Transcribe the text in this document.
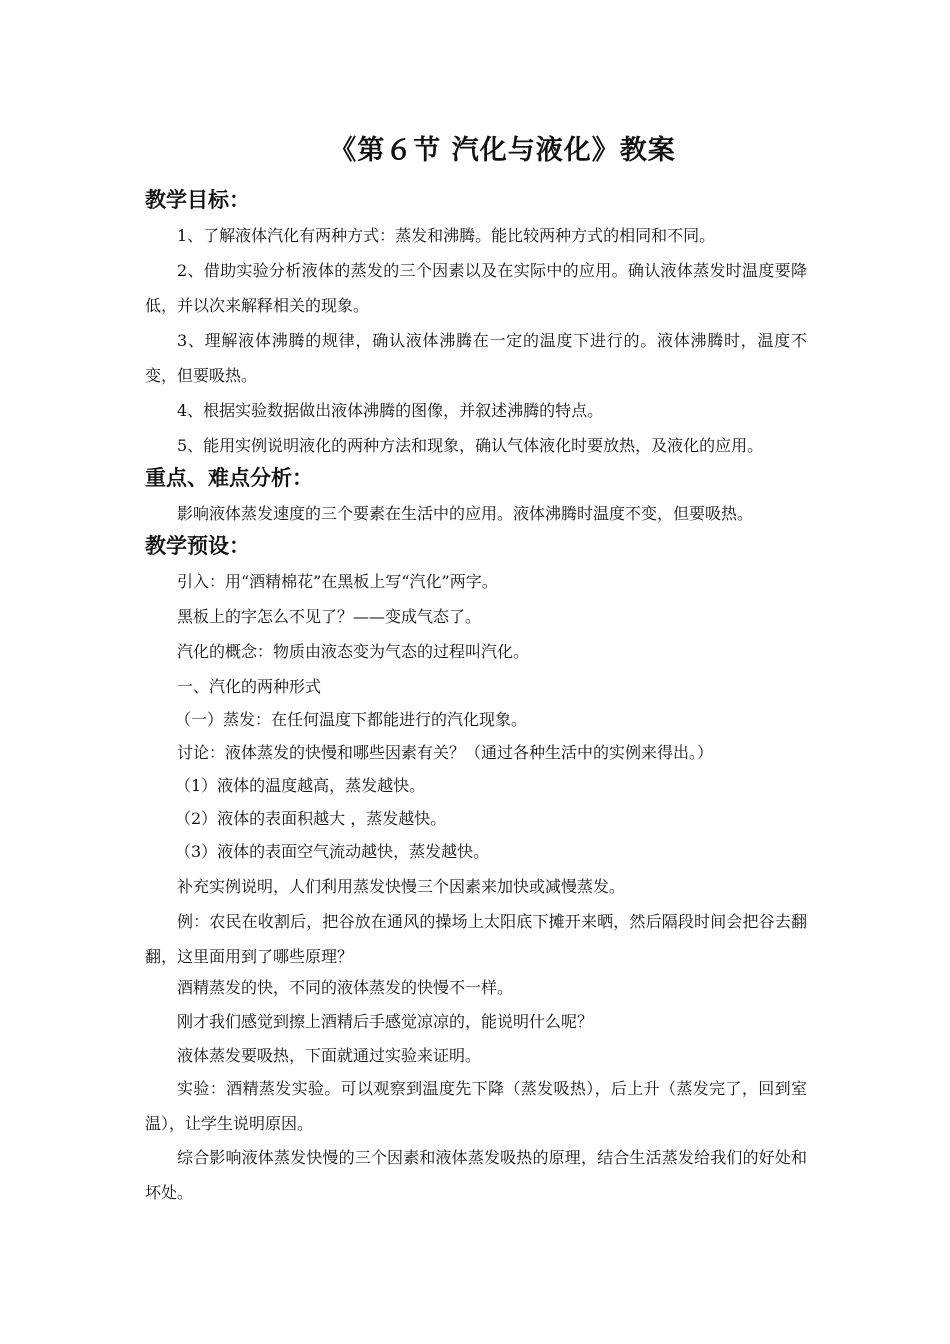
《第６节 汽化与液化》教案
教学目标：

1、了解液体汽化有两种方式：蒸发和沸腾。能比较两种方式的相同和不同。

2、借助实验分析液体的蒸发的三个因素以及在实际中的应用。确认液体蒸发时温度要降低，并以次来解释相关的现象。

3、理解液体沸腾的规律，确认液体沸腾在一定的温度下进行的。液体沸腾时，温度不变，但要吸热。

4、根据实验数据做出液体沸腾的图像，并叙述沸腾的特点。

5、能用实例说明液化的两种方法和现象，确认气体液化时要放热，及液化的应用。

重点、难点分析：

影响液体蒸发速度的三个要素在生活中的应用。液体沸腾时温度不变，但要吸热。

教学预设：

引入：用“酒精棉花”在黑板上写“汽化”两字。

黑板上的字怎么不见了？——变成气态了。

汽化的概念：物质由液态变为气态的过程叫汽化。

一、汽化的两种形式

（一）蒸发：在任何温度下都能进行的汽化现象。

讨论：液体蒸发的快慢和哪些因素有关？（通过各种生活中的实例来得出。）

（1）液体的温度越高，蒸发越快。

（2）液体的表面积越大 ，蒸发越快。

（3）液体的表面空气流动越快，蒸发越快。

补充实例说明，人们利用蒸发快慢三个因素来加快或减慢蒸发。

例：农民在收割后，把谷放在通风的操场上太阳底下摊开来晒，然后隔段时间会把谷去翻翻，这里面用到了哪些原理？

酒精蒸发的快，不同的液体蒸发的快慢不一样。

刚才我们感觉到擦上酒精后手感觉凉凉的，能说明什么呢？

液体蒸发要吸热，下面就通过实验来证明。

实验：酒精蒸发实验。可以观察到温度先下降（蒸发吸热），后上升（蒸发完了，回到室温），让学生说明原因。

综合影响液体蒸发快慢的三个因素和液体蒸发吸热的原理，结合生活蒸发给我们的好处和坏处。
